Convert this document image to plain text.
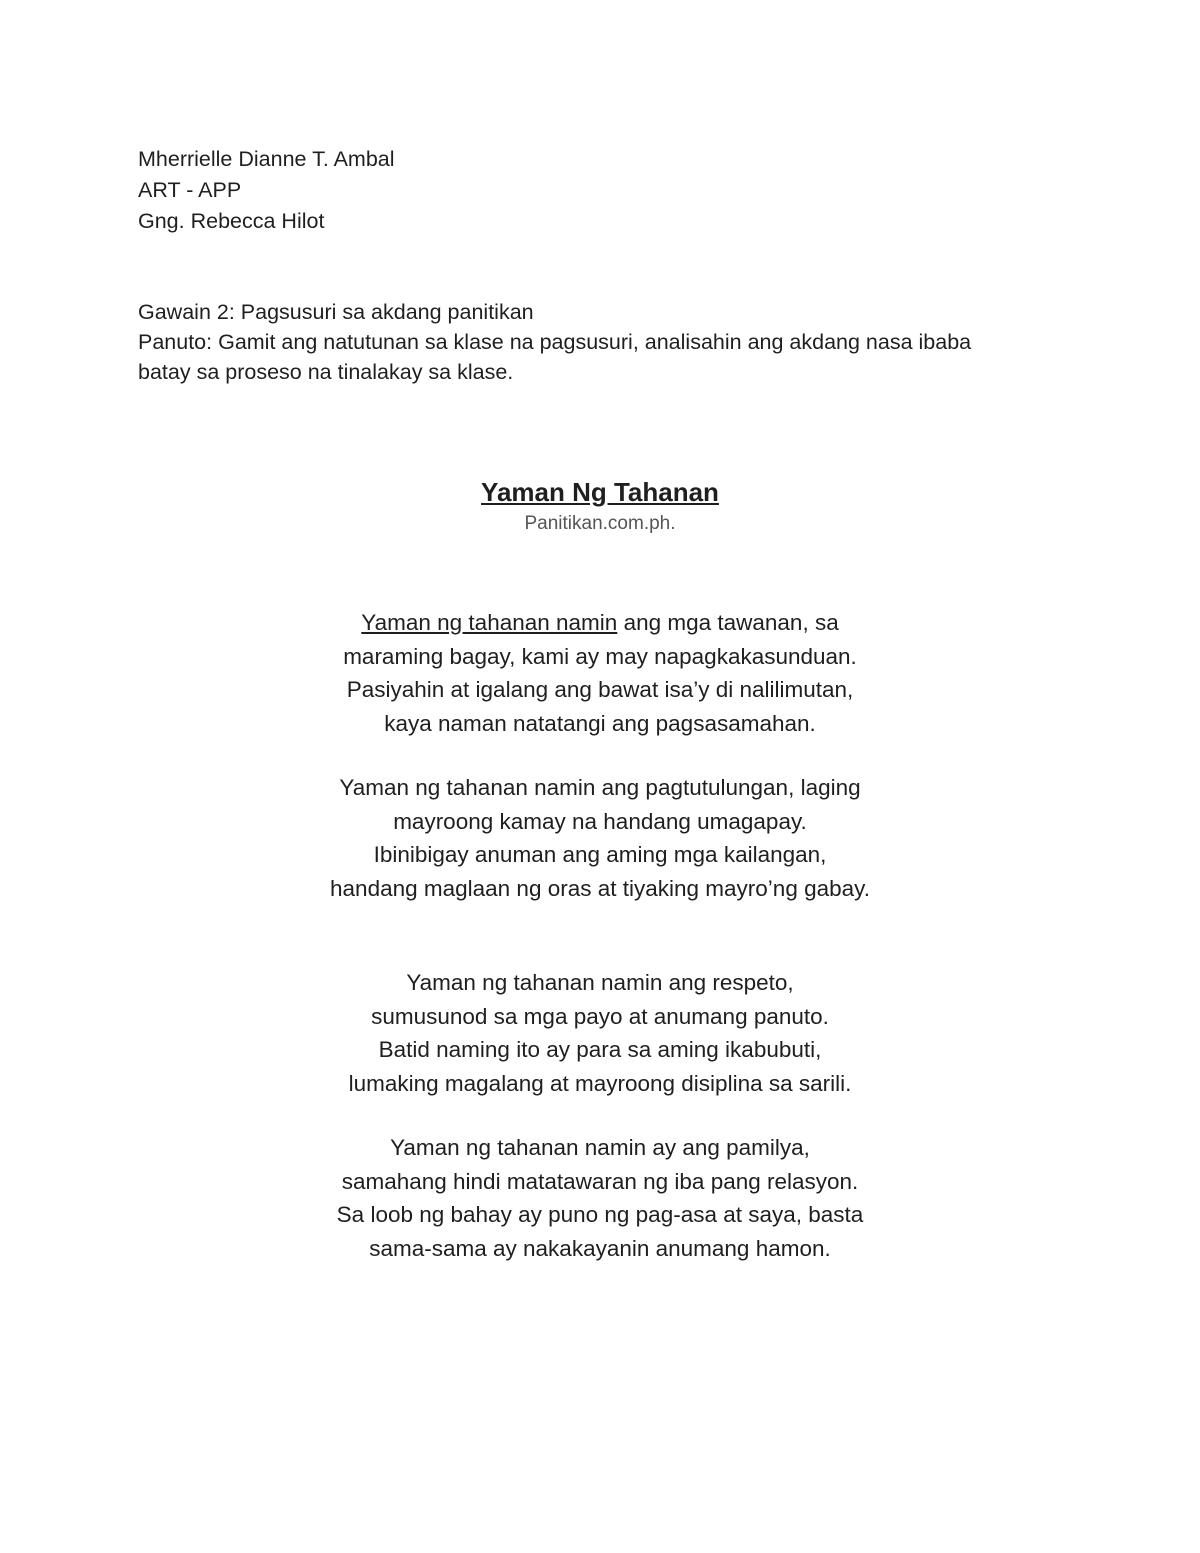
Mherrielle Dianne T. Ambal
ART - APP
Gng. Rebecca Hilot
Gawain 2: Pagsusuri sa akdang panitikan
Panuto: Gamit ang natutunan sa klase na pagsusuri, analisahin ang akdang nasa ibaba
batay sa proseso na tinalakay sa klase.
Yaman Ng Tahanan
Panitikan.com.ph.
Yaman ng tahanan namin ang mga tawanan, sa
maraming bagay, kami ay may napagkakasunduan.
Pasiyahin at igalang ang bawat isa’y di nalilimutan,
kaya naman natatangi ang pagsasamahan.
Yaman ng tahanan namin ang pagtutulungan, laging
mayroong kamay na handang umagapay.
Ibinibigay anuman ang aming mga kailangan,
handang maglaan ng oras at tiyaking mayro’ng gabay.
Yaman ng tahanan namin ang respeto,
sumusunod sa mga payo at anumang panuto.
Batid naming ito ay para sa aming ikabubuti,
lumaking magalang at mayroong disiplina sa sarili.
Yaman ng tahanan namin ay ang pamilya,
samahang hindi matatawaran ng iba pang relasyon.
Sa loob ng bahay ay puno ng pag-asa at saya, basta
sama-sama ay nakakayanin anumang hamon.
